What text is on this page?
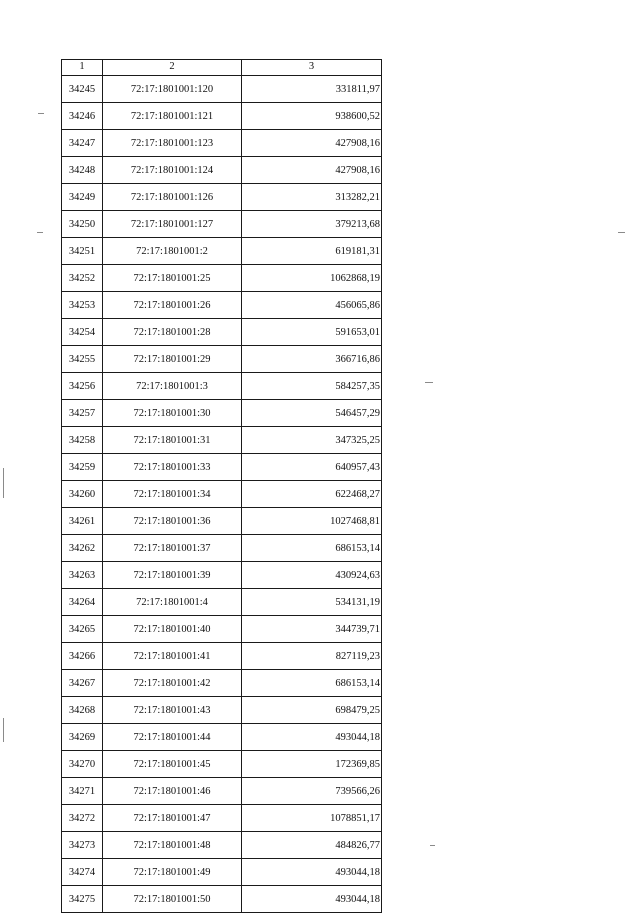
1	2	3
34245	72:17:1801001:120	331811,97
34246	72:17:1801001:121	938600,52
34247	72:17:1801001:123	427908,16
34248	72:17:1801001:124	427908,16
34249	72:17:1801001:126	313282,21
34250	72:17:1801001:127	379213,68
34251	72:17:1801001:2	619181,31
34252	72:17:1801001:25	1062868,19
34253	72:17:1801001:26	456065,86
34254	72:17:1801001:28	591653,01
34255	72:17:1801001:29	366716,86
34256	72:17:1801001:3	584257,35
34257	72:17:1801001:30	546457,29
34258	72:17:1801001:31	347325,25
34259	72:17:1801001:33	640957,43
34260	72:17:1801001:34	622468,27
34261	72:17:1801001:36	1027468,81
34262	72:17:1801001:37	686153,14
34263	72:17:1801001:39	430924,63
34264	72:17:1801001:4	534131,19
34265	72:17:1801001:40	344739,71
34266	72:17:1801001:41	827119,23
34267	72:17:1801001:42	686153,14
34268	72:17:1801001:43	698479,25
34269	72:17:1801001:44	493044,18
34270	72:17:1801001:45	172369,85
34271	72:17:1801001:46	739566,26
34272	72:17:1801001:47	1078851,17
34273	72:17:1801001:48	484826,77
34274	72:17:1801001:49	493044,18
34275	72:17:1801001:50	493044,18
